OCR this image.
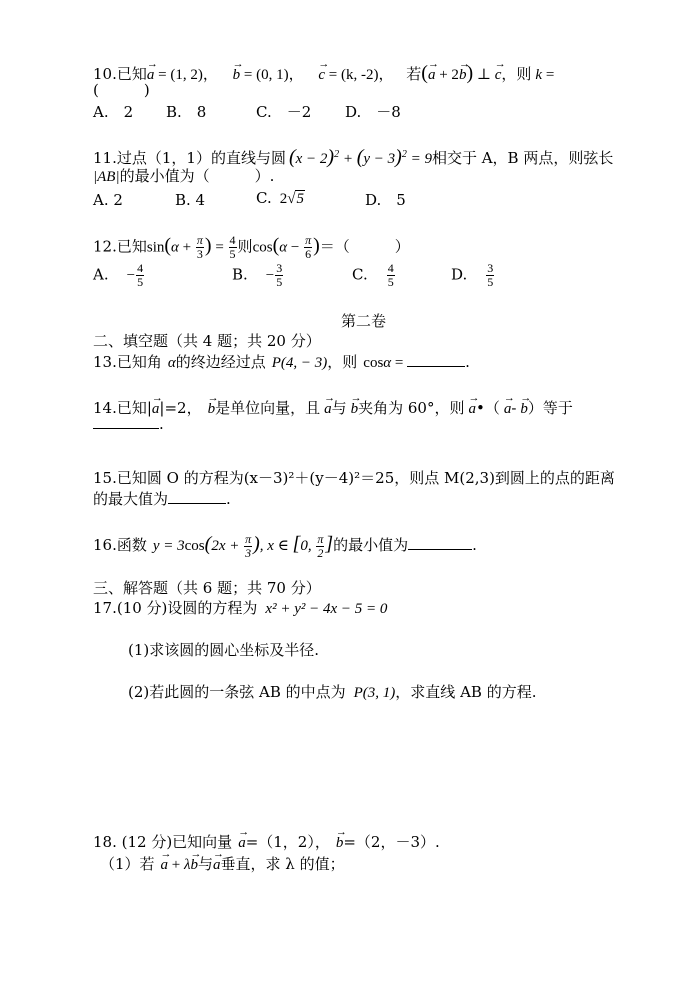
10.已知→ a = (1, 2)， → b = (0, 1)， → c = (k, -2)， 若(→ a + 2→ b) ⊥ → c，则 k =
(　　　)
A.　2 B.　8	C.　－2 D.　－8
11.过点（1，1）的直线与圆 $(x - 2)^2 + (y - 3)^2 = 9$相交于 A，B 两点，则弦长
|AB|的最小值为（　　　）.
A. 2	B. 4	C. 2√5	D.　5
12.已知$\sin(\alpha + \frac{\pi}{3}$ ) = $\frac{4}{5}$ 则$\cos(\alpha - \frac{\pi}{6}$ )＝（　　　）
A. − $\frac{4}{5}$	B. − $\frac{3}{5}$	C. $\frac{4}{5}$	D. $\frac{3}{5}$
第二卷
二、填空题（共 4 题；共 20 分）
13.已知角 α的终边经过点 P(4, − 3)，则 cosα =	.
14.已知|→ a|=2， → b是单位向量，且 → a与 → b夹角为 60°，则 → a•（ → a- → b）等于
.
15.已知圆 O 的方程为(x－3)²＋(y－4)²＝25，则点 M(2,3)到圆上的点的距离
的最大值为	.
16.函数 $y = 3\cos(2x + \frac{\pi}{3}$ ), x ∈ [0, $\frac{\pi}{2}$ ]的最小值为	.
三、解答题（共 6 题；共 70 分）
17.(10 分)设圆的方程为 x² + y² − 4x − 5 = 0
(1)求该圆的圆心坐标及半径.
(2)若此圆的一条弦 AB 的中点为 P(3, 1)，求直线 AB 的方程.
18. (12 分)已知向量 → a=（1，2）， → b=（2，－3）.
（1）若 → a + λ→ b与→ a垂直，求 λ 的值；
